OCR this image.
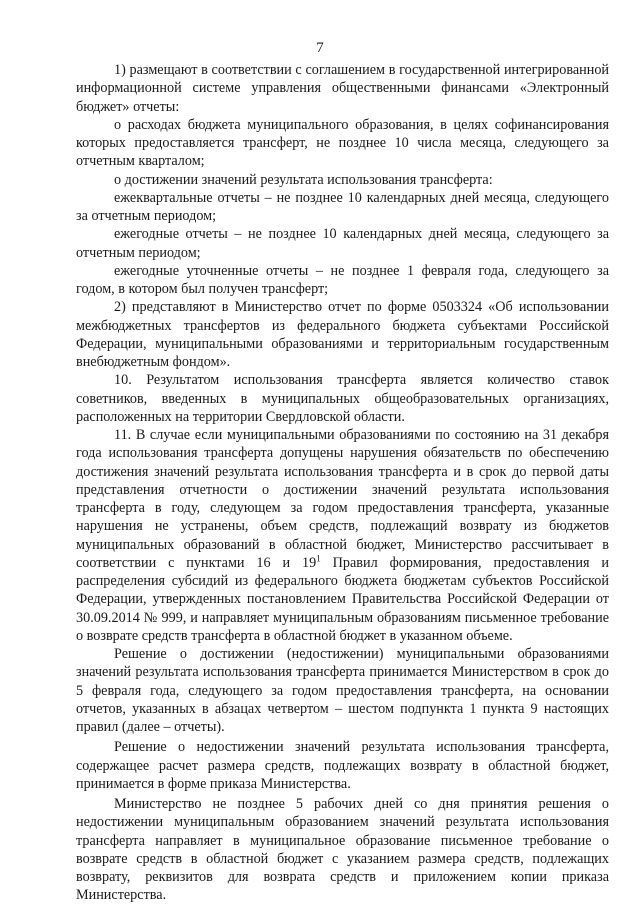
7

1) размещают в соответствии с соглашением в государственной интегрированной информационной системе управления общественными финансами «Электронный бюджет» отчеты:

о расходах бюджета муниципального образования, в целях софинансирования которых предоставляется трансферт, не позднее 10 числа месяца, следующего за отчетным кварталом;

о достижении значений результата использования трансферта:

ежеквартальные отчеты – не позднее 10 календарных дней месяца, следующего за отчетным периодом;

ежегодные отчеты – не позднее 10 календарных дней месяца, следующего за отчетным периодом;

ежегодные уточненные отчеты – не позднее 1 февраля года, следующего за годом, в котором был получен трансферт;

2) представляют в Министерство отчет по форме 0503324 «Об использовании межбюджетных трансфертов из федерального бюджета субъектами Российской Федерации, муниципальными образованиями и территориальным государственным внебюджетным фондом».

10. Результатом использования трансферта является количество ставок советников, введенных в муниципальных общеобразовательных организациях, расположенных на территории Свердловской области.

11. В случае если муниципальными образованиями по состоянию на 31 декабря года использования трансферта допущены нарушения обязательств по обеспечению достижения значений результата использования трансферта и в срок до первой даты представления отчетности о достижении значений результата использования трансферта в году, следующем за годом предоставления трансферта, указанные нарушения не устранены, объем средств, подлежащий возврату из бюджетов муниципальных образований в областной бюджет, Министерство рассчитывает в соответствии с пунктами 16 и $19^1$ Правил формирования, предоставления и распределения субсидий из федерального бюджета бюджетам субъектов Российской Федерации, утвержденных постановлением Правительства Российской Федерации от 30.09.2014 № 999, и направляет муниципальным образованиям письменное требование о возврате средств трансферта в областной бюджет в указанном объеме.

Решение о достижении (недостижении) муниципальными образованиями значений результата использования трансферта принимается Министерством в срок до 5 февраля года, следующего за годом предоставления трансферта, на основании отчетов, указанных в абзацах четвертом – шестом подпункта 1 пункта 9 настоящих правил (далее – отчеты).

Решение о недостижении значений результата использования трансферта, содержащее расчет размера средств, подлежащих возврату в областной бюджет, принимается в форме приказа Министерства.

Министерство не позднее 5 рабочих дней со дня принятия решения о недостижении муниципальным образованием значений результата использования трансферта направляет в муниципальное образование письменное требование о возврате средств в областной бюджет с указанием размера средств, подлежащих возврату, реквизитов для возврата средств и приложением копии приказа Министерства.
